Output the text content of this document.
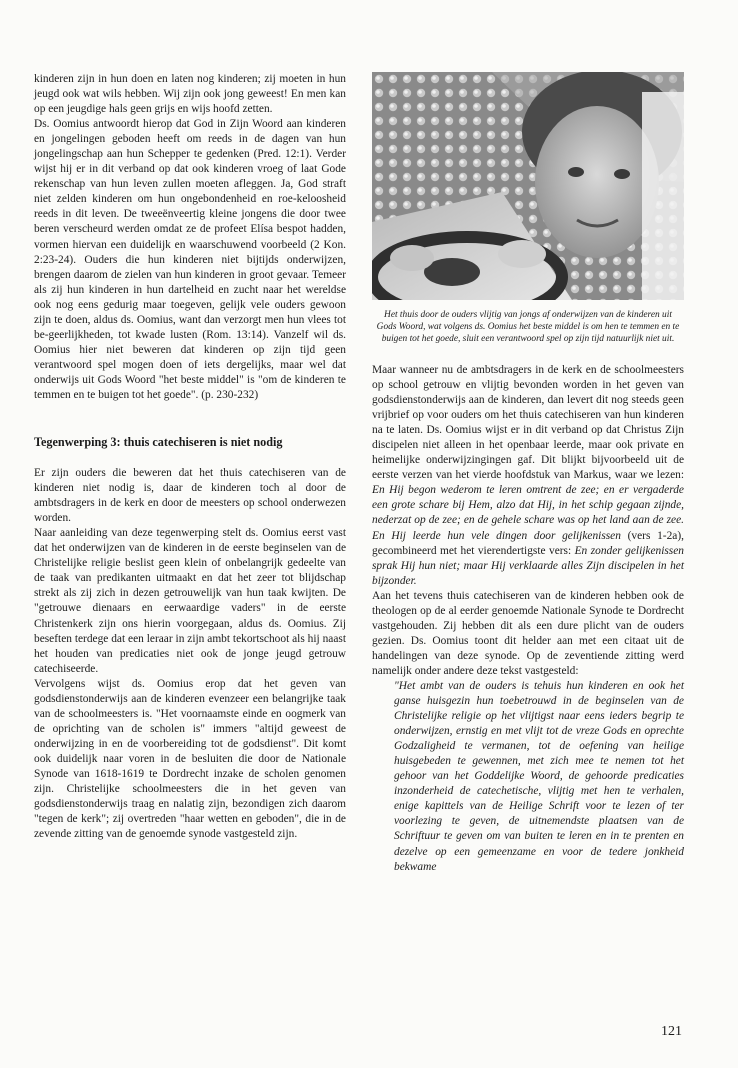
kinderen zijn in hun doen en laten nog kinderen; zij moeten in hun jeugd ook wat wils hebben. Wij zijn ook jong geweest! En men kan op een jeugdige hals geen grijs en wijs hoofd zetten.

Ds. Oomius antwoordt hierop dat God in Zijn Woord aan kinderen en jongelingen geboden heeft om reeds in de dagen van hun jongelingschap aan hun Schepper te gedenken (Pred. 12:1). Verder wijst hij er in dit verband op dat ook kinderen vroeg of laat Gode rekenschap van hun leven zullen moeten afleggen. Ja, God straft niet zelden kinderen om hun ongebondenheid en roe-keloosheid reeds in dit leven. De tweeënveertig kleine jongens die door twee beren verscheurd werden omdat ze de profeet Elísa bespot hadden, vormen hiervan een duidelijk en waarschuwend voorbeeld (2 Kon. 2:23-24). Ouders die hun kinderen niet bijtijds onderwijzen, brengen daarom de zielen van hun kinderen in groot gevaar. Temeer als zij hun kinderen in hun dartelheid en zucht naar het wereldse ook nog eens gedurig maar toegeven, gelijk vele ouders gewoon zijn te doen, aldus ds. Oomius, want dan verzorgt men hun vlees tot be-geerlijkheden, tot kwade lusten (Rom. 13:14). Vanzelf wil ds. Oomius hier niet beweren dat kinderen op zijn tijd geen verantwoord spel mogen doen of iets dergelijks, maar wel dat onderwijs uit Gods Woord "het beste middel" is "om de kinderen te temmen en te buigen tot het goede". (p. 230-232)

Tegenwerping 3: thuis catechiseren is niet nodig

Er zijn ouders die beweren dat het thuis catechiseren van de kinderen niet nodig is, daar de kinderen toch al door de ambtsdragers in de kerk en door de meesters op school onderwezen worden.

Naar aanleiding van deze tegenwerping stelt ds. Oomius eerst vast dat het onderwijzen van de kinderen in de eerste beginselen van de Christelijke religie beslist geen klein of onbelangrijk gedeelte van de taak van predikanten uitmaakt en dat het zeer tot blijdschap strekt als zij zich in dezen getrouwelijk van hun taak kwijten. De "getrouwe dienaars en eerwaardige vaders" in de eerste Christenkerk zijn ons hierin voorgegaan, aldus ds. Oomius. Zij beseften terdege dat een leraar in zijn ambt tekortschoot als hij naast het houden van predicaties niet ook de jonge jeugd getrouw catechiseerde.

Vervolgens wijst ds. Oomius erop dat het geven van godsdienstonderwijs aan de kinderen evenzeer een belangrijke taak van de schoolmeesters is. "Het voornaamste einde en oogmerk van de oprichting van de scholen is" immers "altijd geweest de onderwijzing in en de voorbereiding tot de godsdienst". Dit komt ook duidelijk naar voren in de besluiten die door de Nationale Synode van 1618-1619 te Dordrecht inzake de scholen genomen zijn. Christelijke schoolmeesters die in het geven van godsdienstonderwijs traag en nalatig zijn, bezondigen zich daarom "tegen de kerk"; zij overtreden "haar wetten en geboden", die in de zevende zitting van de genoemde synode vastgesteld zijn.

Het thuis door de ouders vlijtig van jongs af onderwijzen van de kinderen uit Gods Woord, wat volgens ds. Oomius het beste middel is om hen te temmen en te buigen tot het goede, sluit een verantwoord spel op zijn tijd natuurlijk niet uit.

Maar wanneer nu de ambtsdragers in de kerk en de schoolmeesters op school getrouw en vlijtig bevonden worden in het geven van godsdienstonderwijs aan de kinderen, dan levert dit nog steeds geen vrijbrief op voor ouders om het thuis catechiseren van hun kinderen na te laten. Ds. Oomius wijst er in dit verband op dat Christus Zijn discipelen niet alleen in het openbaar leerde, maar ook private en heimelijke onderwijzingingen gaf. Dit blijkt bijvoorbeeld uit de eerste verzen van het vierde hoofdstuk van Markus, waar we lezen: En Hij begon wederom te leren omtrent de zee; en er vergaderde een grote schare bij Hem, alzo dat Hij, in het schip gegaan zijnde, nederzat op de zee; en de gehele schare was op het land aan de zee. En Hij leerde hun vele dingen door gelijkenissen (vers 1-2a), gecombineerd met het vierendertigste vers: En zonder gelijkenissen sprak Hij hun niet; maar Hij verklaarde alles Zijn discipelen in het bijzonder.

Aan het tevens thuis catechiseren van de kinderen hebben ook de theologen op de al eerder genoemde Nationale Synode te Dordrecht vastgehouden. Zij hebben dit als een dure plicht van de ouders gezien. Ds. Oomius toont dit helder aan met een citaat uit de handelingen van deze synode. Op de zeventiende zitting werd namelijk onder andere deze tekst vastgesteld:

"Het ambt van de ouders is tehuis hun kinderen en ook het ganse huisgezin hun toebetrouwd in de beginselen van de Christelijke religie op het vlijtigst naar eens ieders begrip te onderwijzen, ernstig en met vlijt tot de vreze Gods en oprechte Godzaligheid te vermanen, tot de oefening van heilige huisgebeden te gewennen, met zich mee te nemen tot het gehoor van het Goddelijke Woord, de gehoorde predicaties inzonderheid de catechetische, vlijtig met hen te verhalen, enige kapittels van de Heilige Schrift voor te lezen of ter voorlezing te geven, de uitnemendste plaatsen van de Schriftuur te geven om van buiten te leren en in te prenten en dezelve op een gemeenzame en voor de tedere jonkheid bekwame

121
